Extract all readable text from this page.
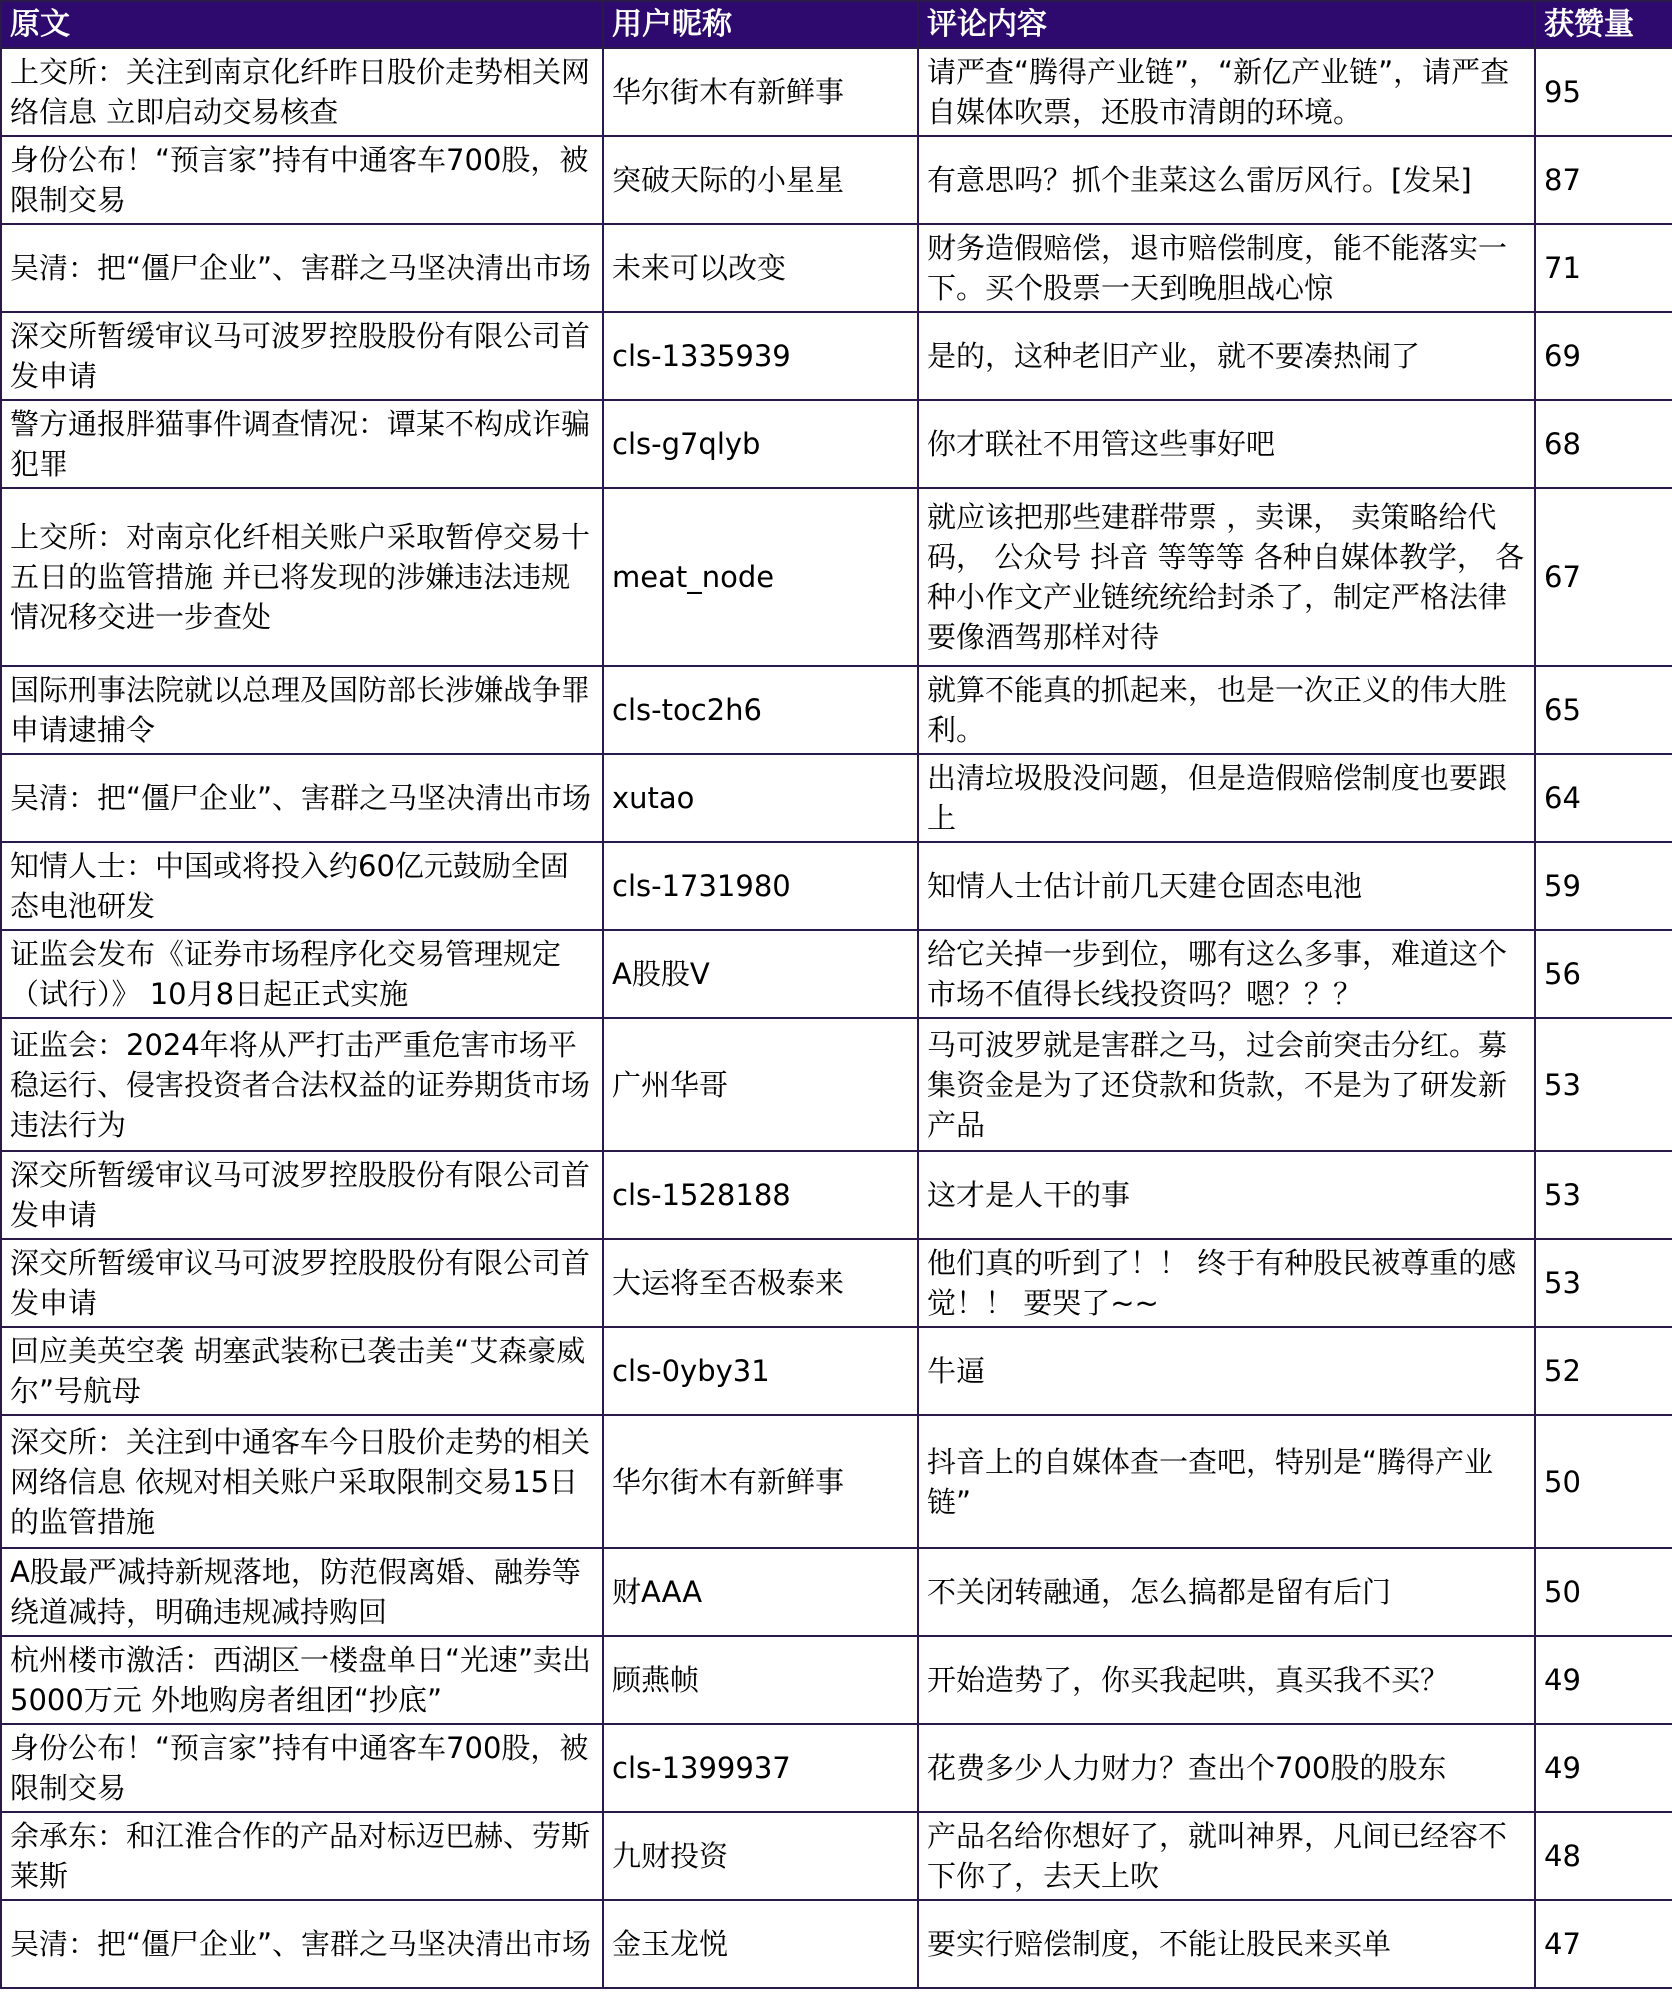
原文	用户昵称	评论内容	获赞量
上交所：关注到南京化纤昨日股价走势相关网络信息 立即启动交易核查	华尔街木有新鲜事	请严查“腾得产业链”，“新亿产业链”，请严查自媒体吹票，还股市清朗的环境。	95
身份公布！“预言家”持有中通客车700股，被限制交易	突破天际的小星星	有意思吗？抓个韭菜这么雷厉风行。[发呆]	87
吴清：把“僵尸企业”、害群之马坚决清出市场	未来可以改变	财务造假赔偿，退市赔偿制度，能不能落实一下。买个股票一天到晚胆战心惊	71
深交所暂缓审议马可波罗控股股份有限公司首发申请	cls-1335939	是的，这种老旧产业，就不要凑热闹了	69
警方通报胖猫事件调查情况：谭某不构成诈骗犯罪	cls-g7qlyb	你才联社不用管这些事好吧	68
上交所：对南京化纤相关账户采取暂停交易十五日的监管措施 并已将发现的涉嫌违法违规情况移交进一步查处	meat_node	就应该把那些建群带票 ，卖课， 卖策略给代码， 公众号 抖音 等等等 各种自媒体教学， 各种小作文产业链统统给封杀了，制定严格法律要像酒驾那样对待	67
国际刑事法院就以总理及国防部长涉嫌战争罪申请逮捕令	cls-toc2h6	就算不能真的抓起来，也是一次正义的伟大胜利。	65
吴清：把“僵尸企业”、害群之马坚决清出市场	xutao	出清垃圾股没问题，但是造假赔偿制度也要跟上	64
知情人士：中国或将投入约60亿元鼓励全固态电池研发	cls-1731980	知情人士估计前几天建仓固态电池	59
证监会发布《证券市场程序化交易管理规定（试行）》 10月8日起正式实施	A股股V	给它关掉一步到位，哪有这么多事，难道这个市场不值得长线投资吗？嗯？？？	56
证监会：2024年将从严打击严重危害市场平稳运行、侵害投资者合法权益的证券期货市场违法行为	广州华哥	马可波罗就是害群之马，过会前突击分红。募集资金是为了还贷款和货款，不是为了研发新产品	53
深交所暂缓审议马可波罗控股股份有限公司首发申请	cls-1528188	这才是人干的事	53
深交所暂缓审议马可波罗控股股份有限公司首发申请	大运将至否极泰来	他们真的听到了！！ 终于有种股民被尊重的感觉！！ 要哭了~~	53
回应美英空袭 胡塞武装称已袭击美“艾森豪威尔”号航母	cls-0yby31	牛逼	52
深交所：关注到中通客车今日股价走势的相关网络信息 依规对相关账户采取限制交易15日的监管措施	华尔街木有新鲜事	抖音上的自媒体查一查吧，特别是“腾得产业链”	50
A股最严减持新规落地，防范假离婚、融券等绕道减持，明确违规减持购回	财AAA	不关闭转融通，怎么搞都是留有后门	50
杭州楼市激活：西湖区一楼盘单日“光速”卖出5000万元 外地购房者组团“抄底”	顾燕帧	开始造势了，你买我起哄，真买我不买？	49
身份公布！“预言家”持有中通客车700股，被限制交易	cls-1399937	花费多少人力财力？查出个700股的股东	49
余承东：和江淮合作的产品对标迈巴赫、劳斯莱斯	九财投资	产品名给你想好了，就叫神界，凡间已经容不下你了，去天上吹	48
吴清：把“僵尸企业”、害群之马坚决清出市场	金玉龙悦	要实行赔偿制度，不能让股民来买单	47
